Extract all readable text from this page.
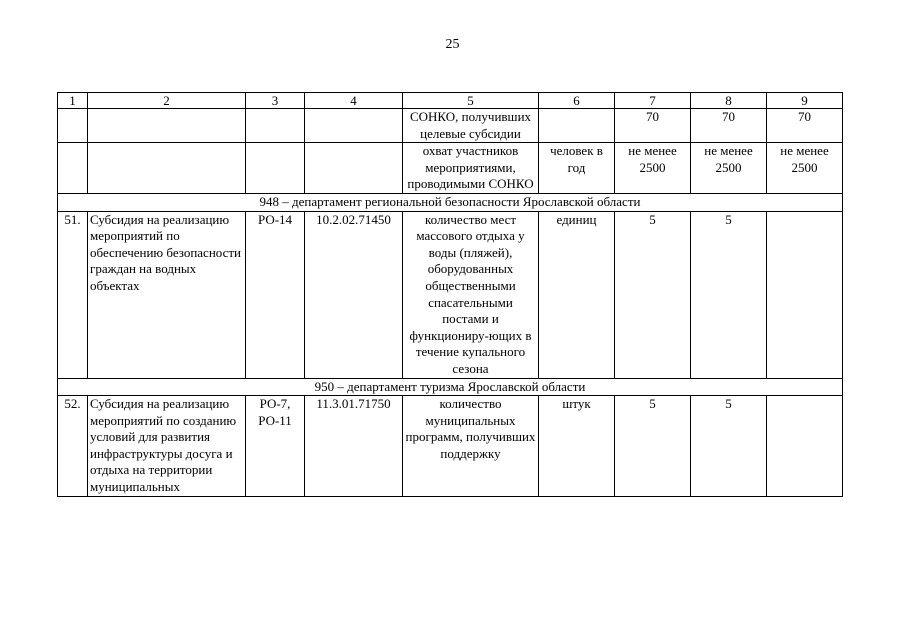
25
1	2	3	4	5	6	7	8	9
				СОНКО, получивших целевые субсидии		70	70	70
				охват участников мероприятиями, проводимыми СОНКО	человек в год	не менее 2500	не менее 2500	не менее 2500
948 – департамент региональной безопасности Ярославской области								
51.	Субсидия на реализацию мероприятий по обеспечению безопасности граждан на водных объектах	РО-14	10.2.02.71450	количество мест массового отдыха у воды (пляжей), оборудованных общественными спасательными постами и функциониру-ющих в течение купального сезона	единиц	5	5	
950 – департамент туризма Ярославской области								
52.	Субсидия на реализацию мероприятий по созданию условий для развития инфраструктуры досуга и отдыха на территории муниципальных	РО-7, РО-11	11.3.01.71750	количество муниципальных программ, получивших поддержку	штук	5	5	
